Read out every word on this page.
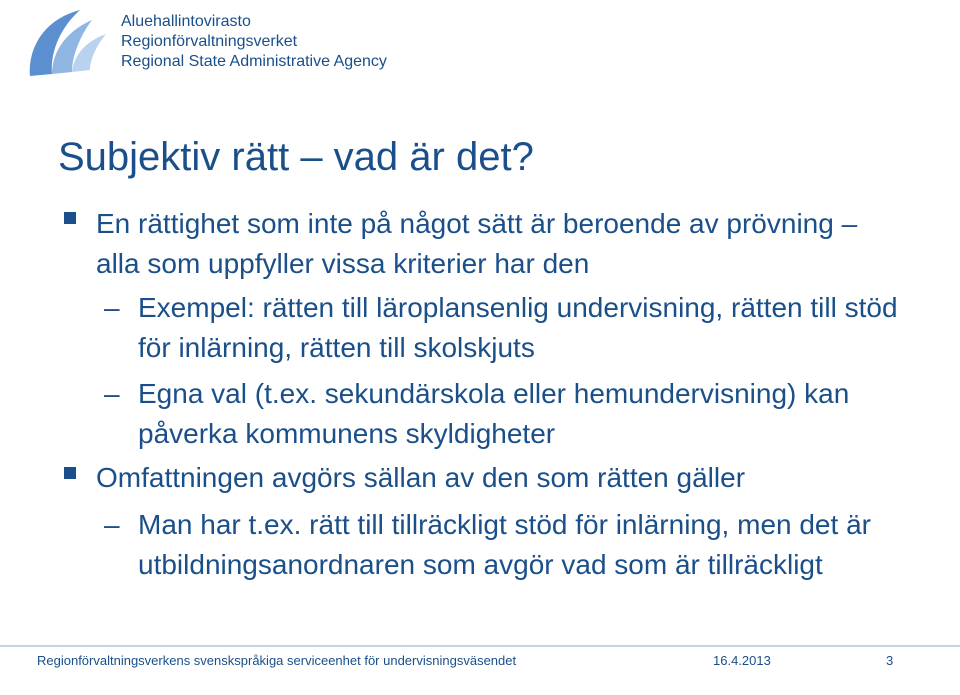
Aluehallintovirasto
Regionförvaltningsverket
Regional State Administrative Agency
Subjektiv rätt – vad är det?
En rättighet som inte på något sätt är beroende av prövning – alla som uppfyller vissa kriterier har den
– Exempel: rätten till läroplansenlig undervisning, rätten till stöd för inlärning, rätten till skolskjuts
– Egna val (t.ex. sekundärskola eller hemundervisning) kan påverka kommunens skyldigheter
Omfattningen avgörs sällan av den som rätten gäller
– Man har t.ex. rätt till tillräckligt stöd för inlärning, men det är utbildningsanordnaren som avgör vad som är tillräckligt
Regionförvaltningsverkens svenskspråkiga serviceenhet för undervisningsväsendet	16.4.2013	3
